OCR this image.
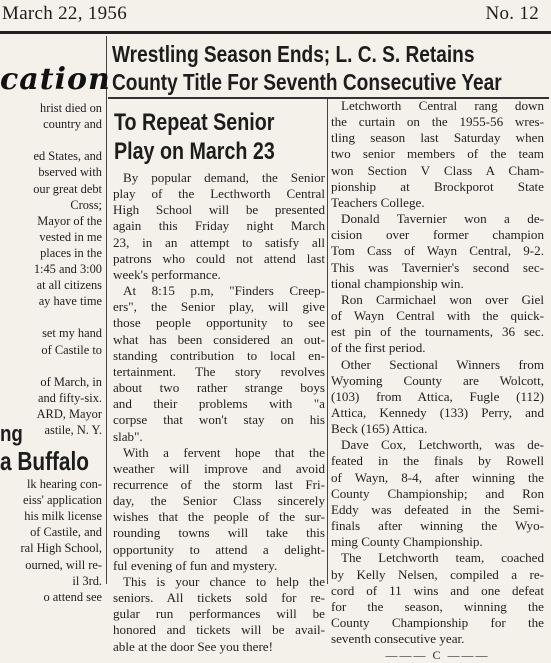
March 22, 1956	No. 12
cation
hrist died on
country and
ed States, and
bserved with
our great debt
Cross;
Mayor of the
vested in me
places in the
1:45 and 3:00
at all citizens
ay have time
set my hand
of Castile to
of March, in
and fifty-six.
ARD, Mayor
astile, N. Y.
ng
a Buffalo
lk hearing con-
eiss' application
his milk license
of Castile, and
ral High School,
ourned, will re-
il 3rd.
o attend see
Wrestling Season Ends; L. C. S. Retains
County Title For Seventh Consecutive Year
To Repeat Senior
Play on March 23
By popular demand, the Senior
play of the Lecthworth Central
High School will be presented
again this Friday night March
23, in an attempt to satisfy all
patrons who could not attend last
week's performance.
At 8:15 p.m, "Finders Creep-
ers", the Senior play, will give
those people opportunity to see
what has been considered an out-
standing contribution to local en-
tertainment. The story revolves
about two rather strange boys
and their problems with "a
corpse that won't stay on his
slab".
With a fervent hope that the
weather will improve and avoid
recurrence of the storm last Fri-
day, the Senior Class sincerely
wishes that the people of the sur-
rounding towns will take this
opportunity to attend a delight-
ful evening of fun and mystery.
This is your chance to help the
seniors. All tickets sold for re-
gular run performances will be
honored and tickets will be avail-
able at the door See you there!
Letchworth Central rang down
the curtain on the 1955-56 wres-
tling season last Saturday when
two senior members of the team
won Section V Class A Cham-
pionship at Brockporot State
Teachers College.
Donald Tavernier won a de-
cision over former champion
Tom Cass of Wayn Central, 9-2.
This was Tavernier's second sec-
tional championship win.
Ron Carmichael won over Giel
of Wayn Central with the quick-
est pin of the tournaments, 36 sec.
of the first period.
Other Sectional Winners from
Wyoming County are Wolcott,
(103) from Attica, Fugle (112)
Attica, Kennedy (133) Perry, and
Beck (165) Attica.
Dave Cox, Letchworth, was de-
feated in the finals by Rowell
of Wayn, 8-4, after winning the
County Championship; and Ron
Eddy was defeated in the Semi-
finals after winning the Wyo-
ming County Championship.
The Letchworth team, coached
by Kelly Nelsen, compiled a re-
cord of 11 wins and one defeat
for the season, winning the
County Championship for the
seventh consecutive year.
——— C ———
